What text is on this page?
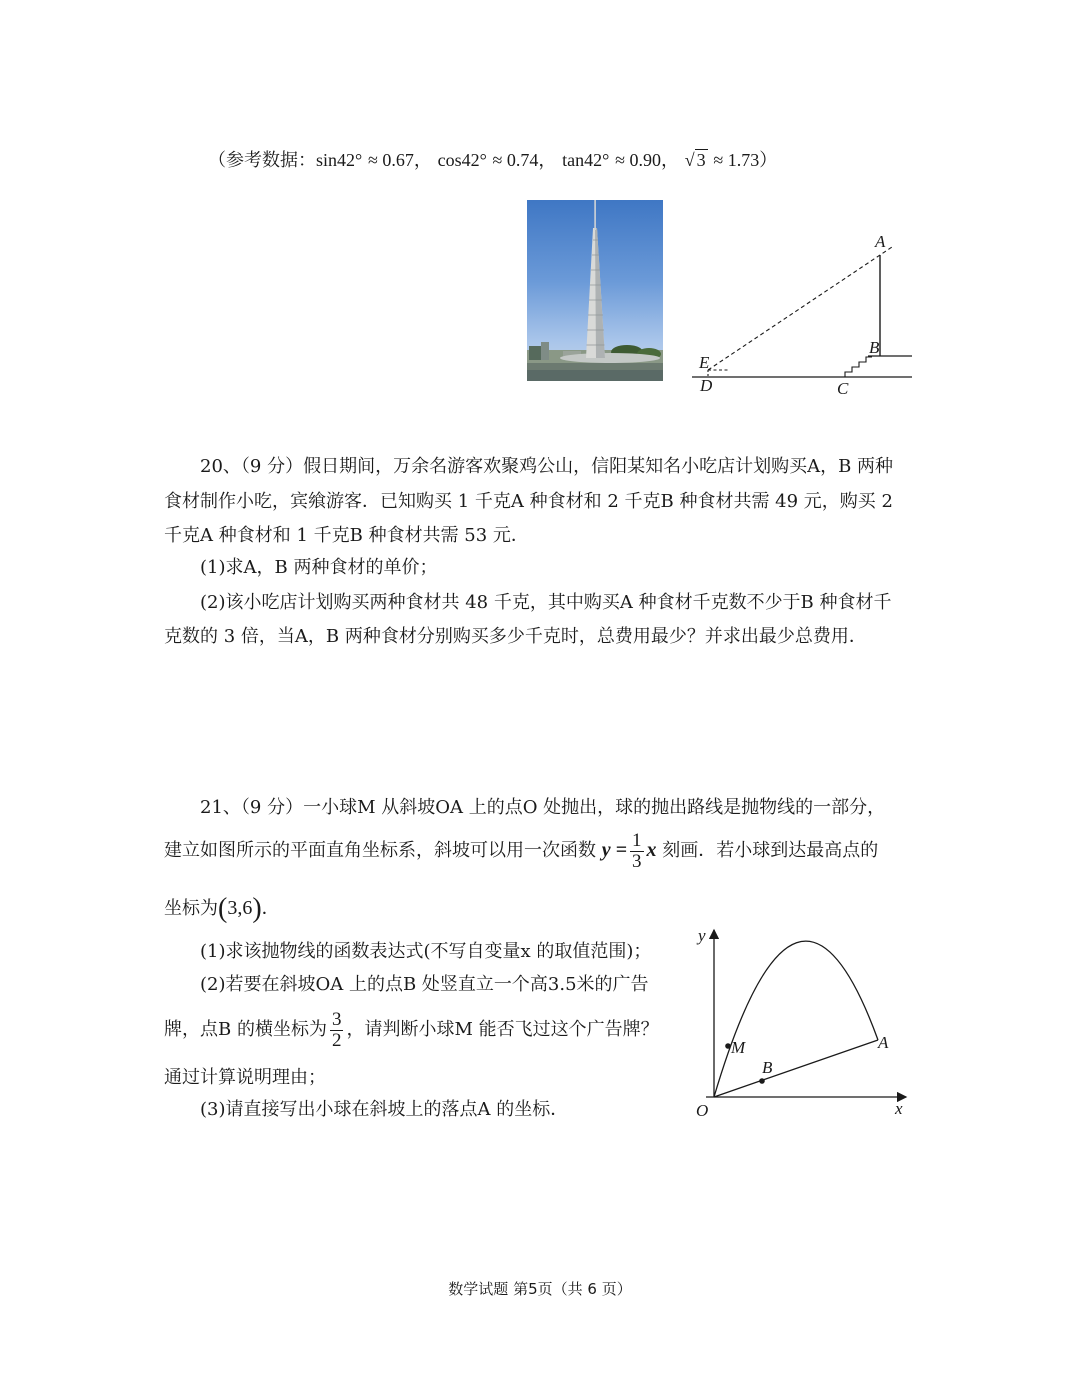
（参考数据：sin42° ≈ 0.67， cos42° ≈ 0.74， tan42° ≈ 0.90， √ 3 ≈ 1.73）
A
B
C
D
E
20、（9 分）假日期间，万余名游客欢聚鸡公山，信阳某知名小吃店计划购买A，B 两种
食材制作小吃，宾飨游客．已知购买 1 千克A 种食材和 2 千克B 种食材共需 49 元，购买 2
千克A 种食材和 1 千克B 种食材共需 53 元．
(1)求A，B 两种食材的单价；
(2)该小吃店计划购买两种食材共 48 千克，其中购买A 种食材千克数不少于B 种食材千
克数的 3 倍，当A，B 两种食材分别购买多少千克时，总费用最少？并求出最少总费用．
21、（9 分）一小球M 从斜坡OA 上的点O 处抛出，球的抛出路线是抛物线的一部分，
建立如图所示的平面直角坐标系，斜坡可以用一次函数 $y = \frac{1}{3}$ x 刻画．若小球到达最高点的
坐标为(3,6)．
(1)求该抛物线的函数表达式(不写自变量x 的取值范围)；
(2)若要在斜坡OA 上的点B 处竖直立一个高3.5米的广告
牌，点B 的横坐标为 $\frac{3}{2}$ ，请判断小球M 能否飞过这个广告牌？
通过计算说明理由；
(3)请直接写出小球在斜坡上的落点A 的坐标．
y
x
O
M	A
B
数学试题 第5页（共 6 页）
